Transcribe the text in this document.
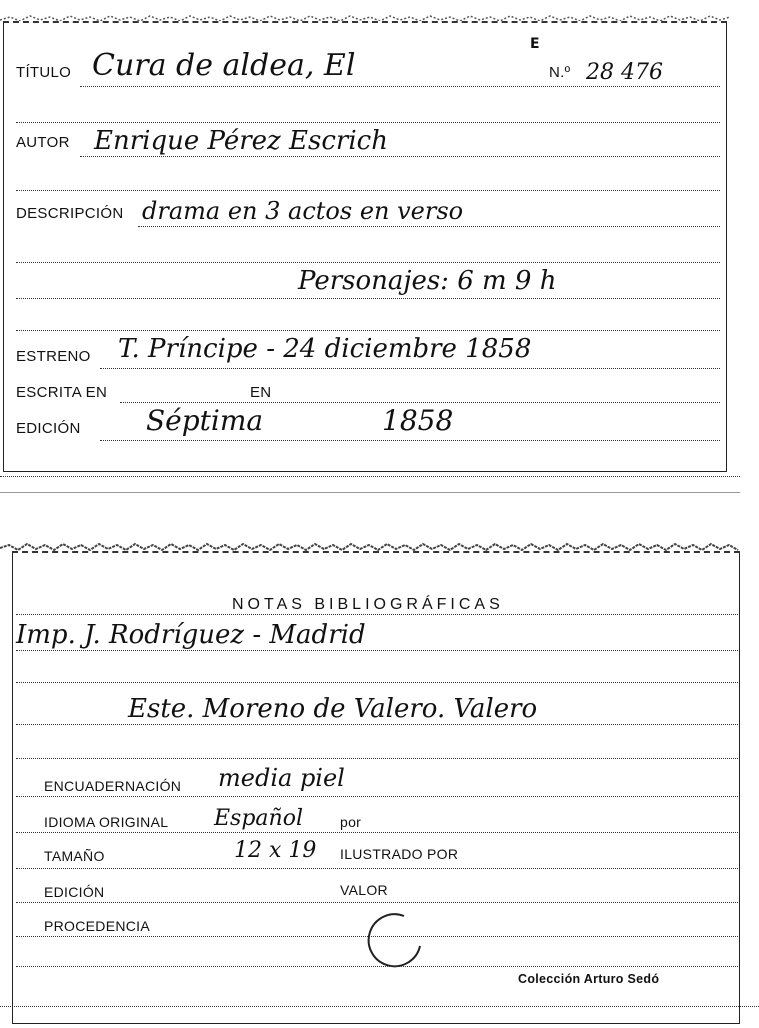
E
TÍTULO Cura de aldea, El	N.º 28 476
AUTOR Enrique Pérez Escrich
DESCRIPCIÓN drama en 3 actos en verso
Personajes: 6 m 9 h
ESTRENO T. Príncipe - 24 diciembre 1858
ESCRITA EN	EN
EDICIÓN Séptima	1858
NOTAS BIBLIOGRÁFICAS
Imp. J. Rodríguez - Madrid
Este. Moreno de Valero. Valero
ENCUADERNACIÓN media piel
IDIOMA ORIGINAL Español	por
TAMAÑO	12 x 19 ILUSTRADO POR
EDICIÓN	VALOR
PROCEDENCIA
Colección Arturo Sedó
